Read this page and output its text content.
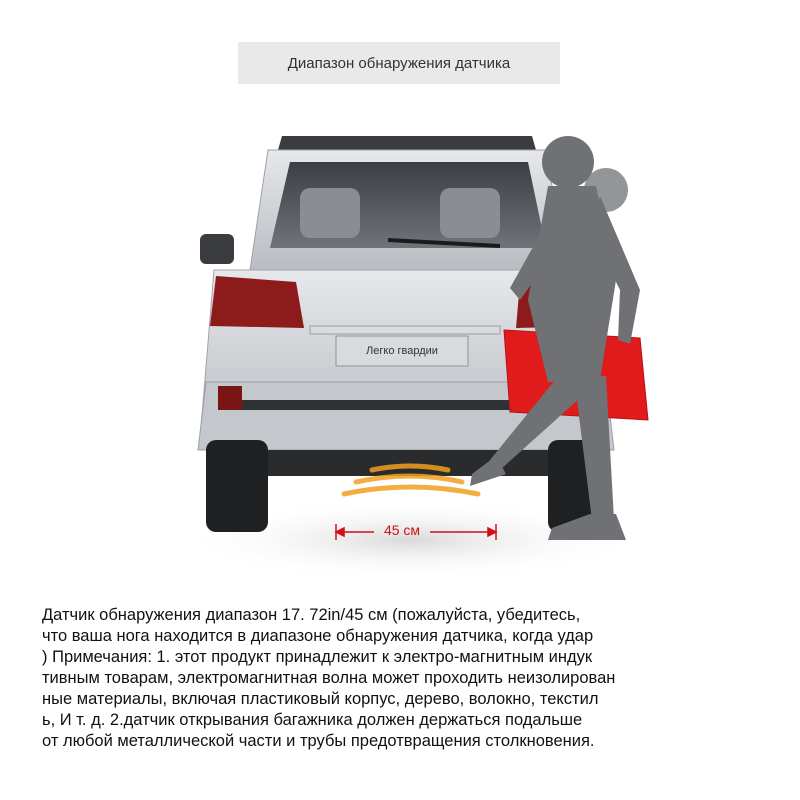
Диапазон обнаружения датчика
Легко гвардии
45 см
Датчик обнаружения диапазон 17. 72in/45 см (пожалуйста, убедитесь,
что ваша нога находится в диапазоне обнаружения датчика, когда удар
) Примечания: 1. этот продукт принадлежит к электро-магнитным индук
тивным товарам, электромагнитная волна может проходить неизолирован
ные материалы, включая пластиковый корпус, дерево, волокно, текстил
ь, И т. д. 2.датчик открывания багажника должен держаться подальше
от любой металлической части и трубы предотвращения столкновения.
